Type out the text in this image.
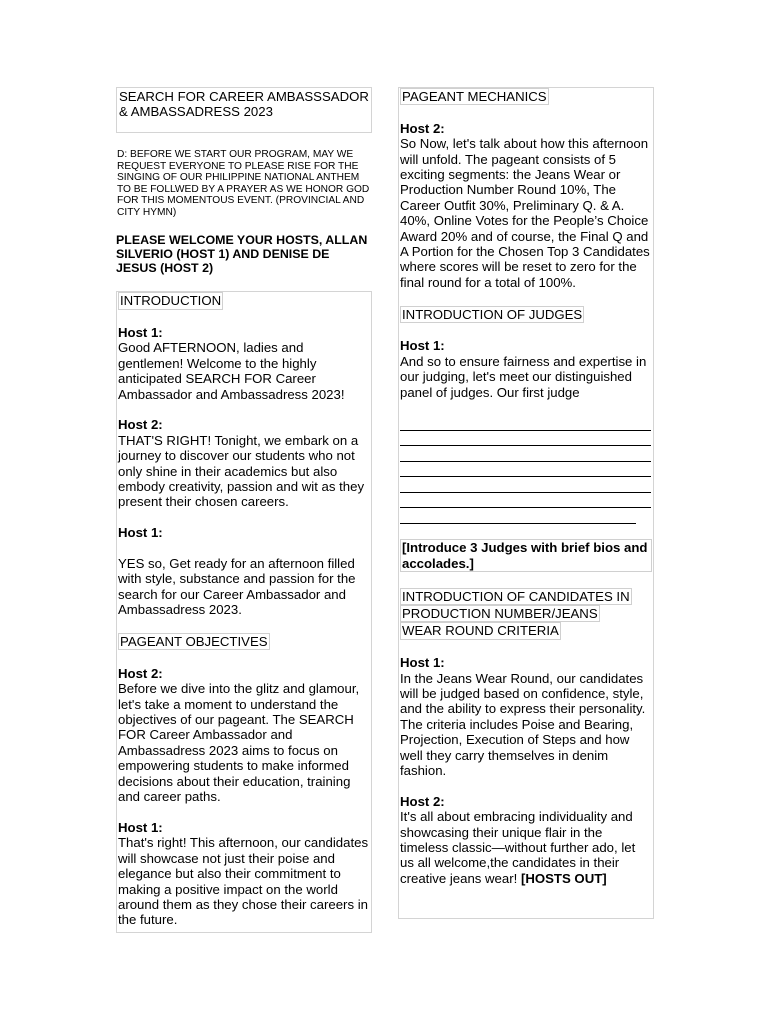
SEARCH FOR CAREER AMBASSSADOR & AMBASSADRESS 2023
D: BEFORE WE START OUR PROGRAM, MAY WE REQUEST EVERYONE TO PLEASE RISE FOR THE SINGING OF OUR PHILIPPINE NATIONAL ANTHEM TO BE FOLLWED BY A PRAYER AS WE HONOR GOD FOR THIS MOMENTOUS EVENT. (PROVINCIAL AND CITY HYMN)
PLEASE WELCOME YOUR HOSTS, ALLAN SILVERIO (HOST 1) AND DENISE DE JESUS (HOST 2)
INTRODUCTION
Host 1:
Good AFTERNOON, ladies and gentlemen! Welcome to the highly anticipated SEARCH FOR Career Ambassador and Ambassadress 2023!
Host 2:
THAT'S RIGHT! Tonight, we embark on a journey to discover our students who not only shine in their academics but also embody creativity, passion and wit as they present their chosen careers.
Host 1:
YES so, Get ready for an afternoon filled with style, substance and passion for the search for our Career Ambassador and Ambassadress 2023.
PAGEANT OBJECTIVES
Host 2:
Before we dive into the glitz and glamour, let's take a moment to understand the objectives of our pageant. The SEARCH FOR Career Ambassador and Ambassadress 2023 aims to focus on empowering students to make informed decisions about their education, training and career paths.
Host 1:
That's right! This afternoon, our candidates will showcase not just their poise and elegance but also their commitment to making a positive impact on the world around them as they chose their careers in the future.
PAGEANT MECHANICS
Host 2:
So Now, let's talk about how this afternoon will unfold. The pageant consists of 5 exciting segments: the Jeans Wear or Production Number Round 10%, The Career Outfit 30%, Preliminary Q. & A. 40%, Online Votes for the People’s Choice Award 20% and of course, the Final Q and A Portion for the Chosen Top 3 Candidates where scores will be reset to zero for the final round for a total of 100%.
INTRODUCTION OF JUDGES
Host 1:
And so to ensure fairness and expertise in our judging, let's meet our distinguished panel of judges. Our first judge
[Introduce 3 Judges with brief bios and accolades.]
INTRODUCTION OF CANDIDATES IN
PRODUCTION NUMBER/JEANS
WEAR ROUND CRITERIA
Host 1:
In the Jeans Wear Round, our candidates will be judged based on confidence, style, and the ability to express their personality. The criteria includes Poise and Bearing, Projection, Execution of Steps and how well they carry themselves in denim fashion.
Host 2:
It's all about embracing individuality and showcasing their unique flair in the timeless classic—without further ado, let us all welcome,the candidates in their creative jeans wear! [HOSTS OUT]
